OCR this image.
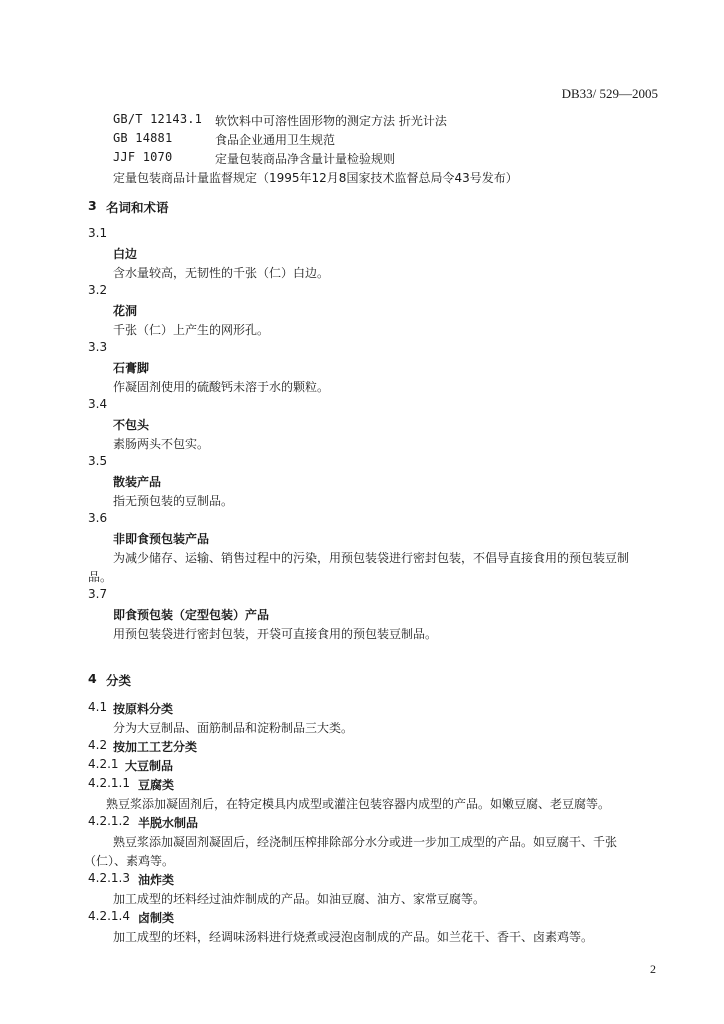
DB33/ 529—2005
GB/T 12143.1 软饮料中可溶性固形物的测定方法 折光计法
GB 14881	食品企业通用卫生规范
JJF 1070	定量包装商品净含量计量检验规则
定量包装商品计量监督规定（1995年12月8国家技术监督总局令43号发布）
3 名词和术语
3.1
白边
含水量较高，无韧性的千张（仁）白边。
3.2
花洞
千张（仁）上产生的网形孔。
3.3
石膏脚
作凝固剂使用的硫酸钙未溶于水的颗粒。
3.4
不包头
素肠两头不包实。
3.5
散装产品
指无预包装的豆制品。
3.6
非即食预包装产品
为减少储存、运输、销售过程中的污染，用预包装袋进行密封包装，不倡导直接食用的预包装豆制
品。
3.7
即食预包装（定型包装）产品
用预包装袋进行密封包装，开袋可直接食用的预包装豆制品。
4 分类
4.1 按原料分类
分为大豆制品、面筋制品和淀粉制品三大类。
4.2 按加工工艺分类
4.2.1 大豆制品
4.2.1.1 豆腐类
熟豆浆添加凝固剂后，在特定模具内成型或灌注包装容器内成型的产品。如嫩豆腐、老豆腐等。
4.2.1.2 半脱水制品
熟豆浆添加凝固剂凝固后，经浇制压榨排除部分水分或进一步加工成型的产品。如豆腐干、千张
（仁）、素鸡等。
4.2.1.3 油炸类
加工成型的坯料经过油炸制成的产品。如油豆腐、油方、家常豆腐等。
4.2.1.4 卤制类
加工成型的坯料，经调味汤料进行烧煮或浸泡卤制成的产品。如兰花干、香干、卤素鸡等。
2
